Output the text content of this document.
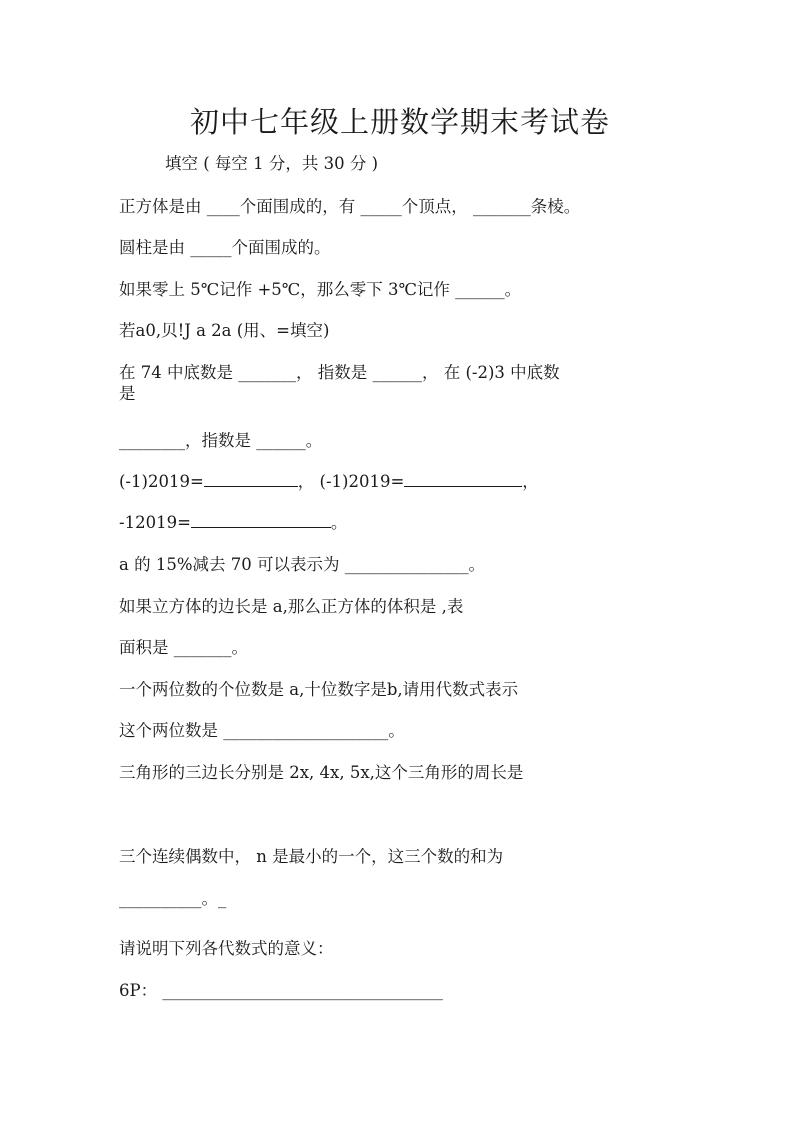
初中七年级上册数学期末考试卷
填空 ( 每空 1 分，共 30 分 )
正方体是由 ____个面围成的，有 _____个顶点， _______条棱。
圆柱是由 _____个面围成的。
如果零上 5℃记作 +5℃，那么零下 3℃记作 ______。
若a0,贝!J a 2a (用、=填空)
在 74 中底数是 _______， 指数是 ______， 在 (-2)3 中底数
是
________，指数是 ______。
(-1)2019=	， (-1)2019=	，
-12019=	。
a 的 15%减去 70 可以表示为 _______________。
如果立方体的边长是 a,那么正方体的体积是 ,表
面积是 _______。
一个两位数的个位数是 a,十位数字是b,请用代数式表示
这个两位数是 ____________________。
三角形的三边长分别是 2x, 4x, 5x,这个三角形的周长是
三个连续偶数中， n 是最小的一个，这三个数的和为
__________。_
请说明下列各代数式的意义：
6P： __________________________________
